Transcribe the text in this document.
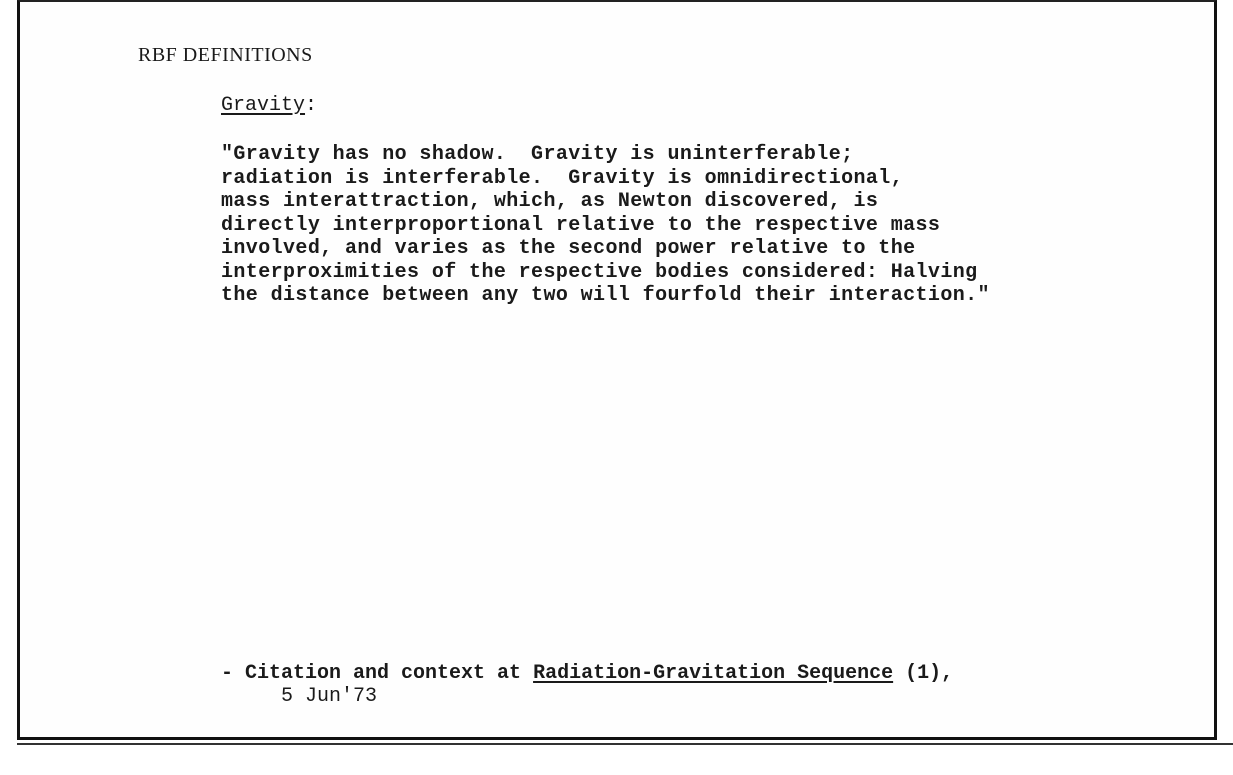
RBF DEFINITIONS
Gravity:
"Gravity has no shadow.  Gravity is uninterferable;
radiation is interferable.  Gravity is omnidirectional,
mass interattraction, which, as Newton discovered, is
directly interproportional relative to the respective mass
involved, and varies as the second power relative to the
interproximities of the respective bodies considered: Halving
the distance between any two will fourfold their interaction."
- Citation and context at Radiation-Gravitation Sequence (1),
5 Jun'73
